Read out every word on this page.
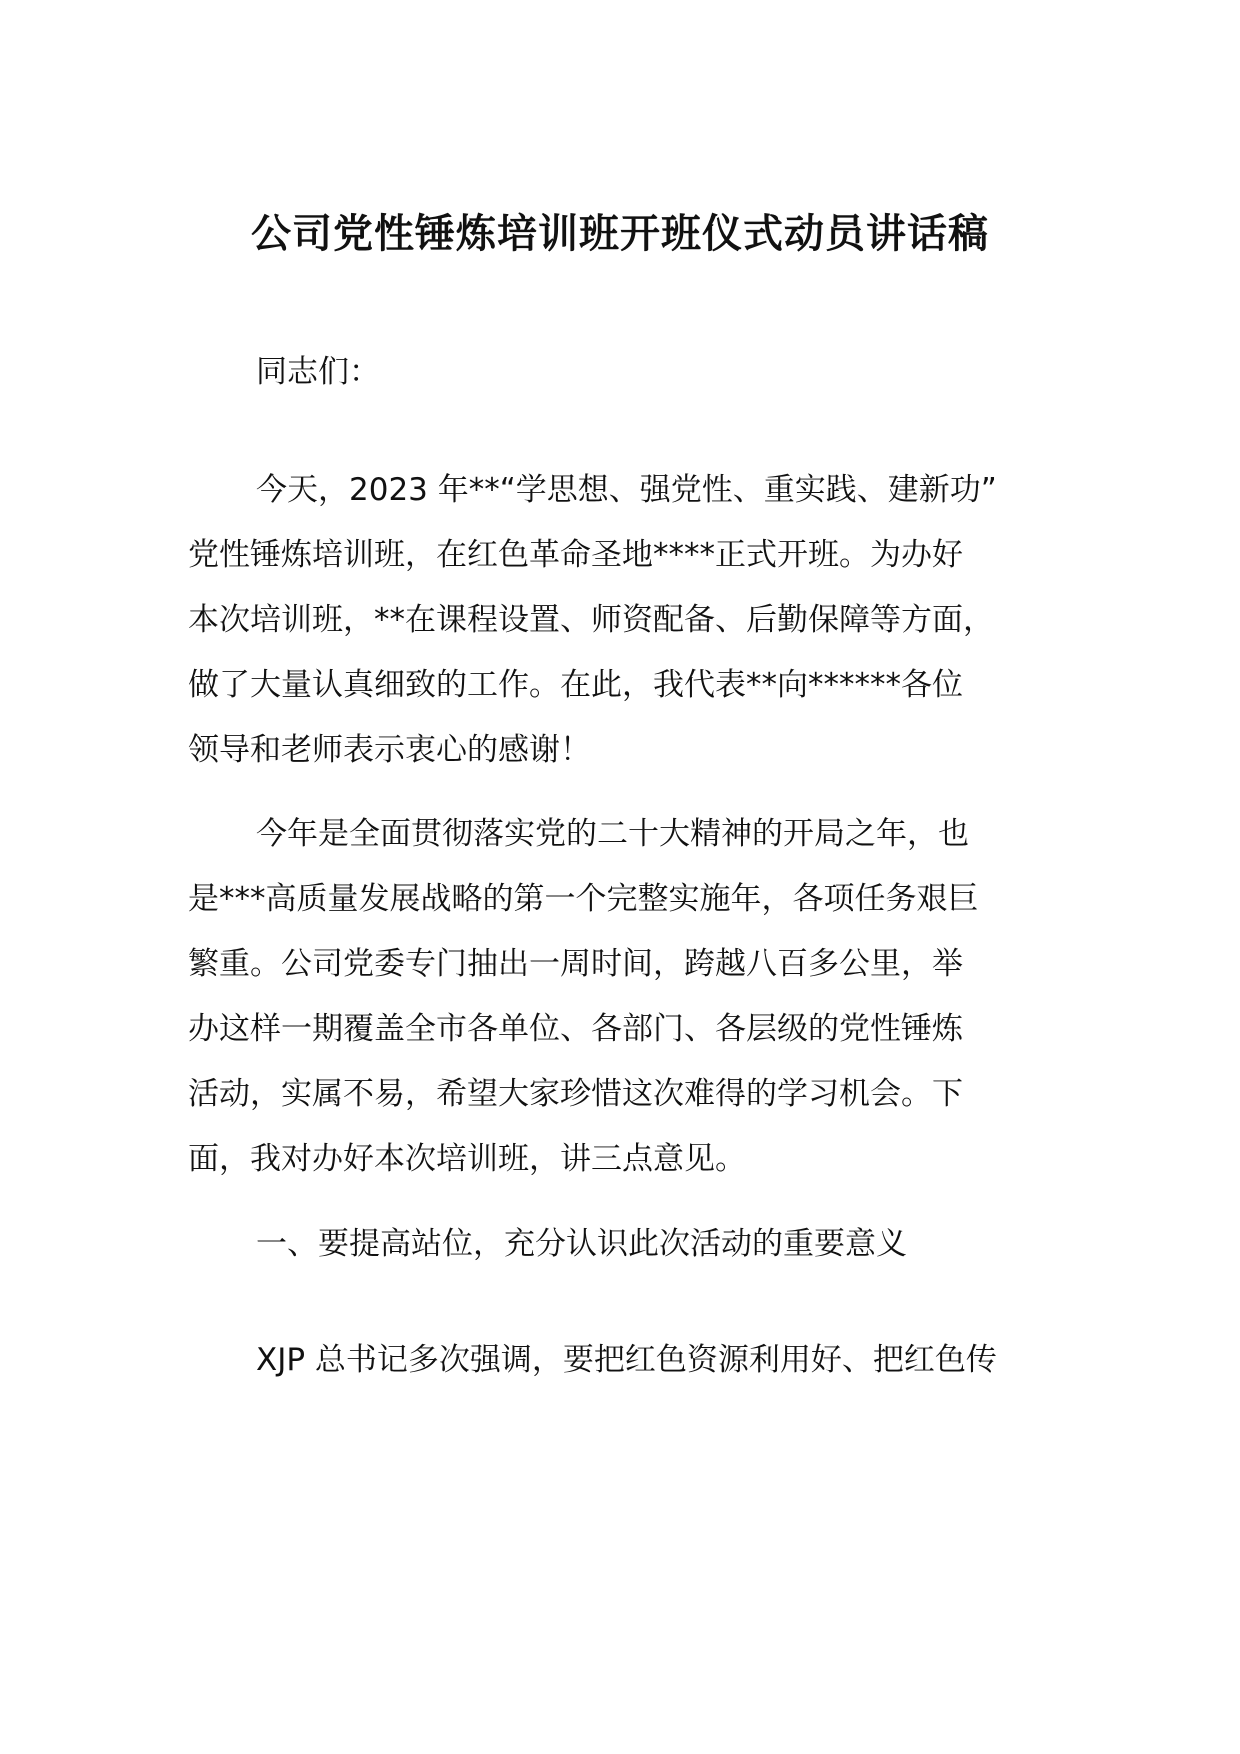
公司党性锤炼培训班开班仪式动员讲话稿
同志们：
今天，2023 年**“学思想、强党性、重实践、建新功”
党性锤炼培训班，在红色革命圣地****正式开班。为办好
本次培训班，**在课程设置、师资配备、后勤保障等方面，
做了大量认真细致的工作。在此，我代表**向******各位
领导和老师表示衷心的感谢！
今年是全面贯彻落实党的二十大精神的开局之年，也
是***高质量发展战略的第一个完整实施年，各项任务艰巨
繁重。公司党委专门抽出一周时间，跨越八百多公里，举
办这样一期覆盖全市各单位、各部门、各层级的党性锤炼
活动，实属不易，希望大家珍惜这次难得的学习机会。下
面，我对办好本次培训班，讲三点意见。
一、要提高站位，充分认识此次活动的重要意义
XJP 总书记多次强调，要把红色资源利用好、把红色传
